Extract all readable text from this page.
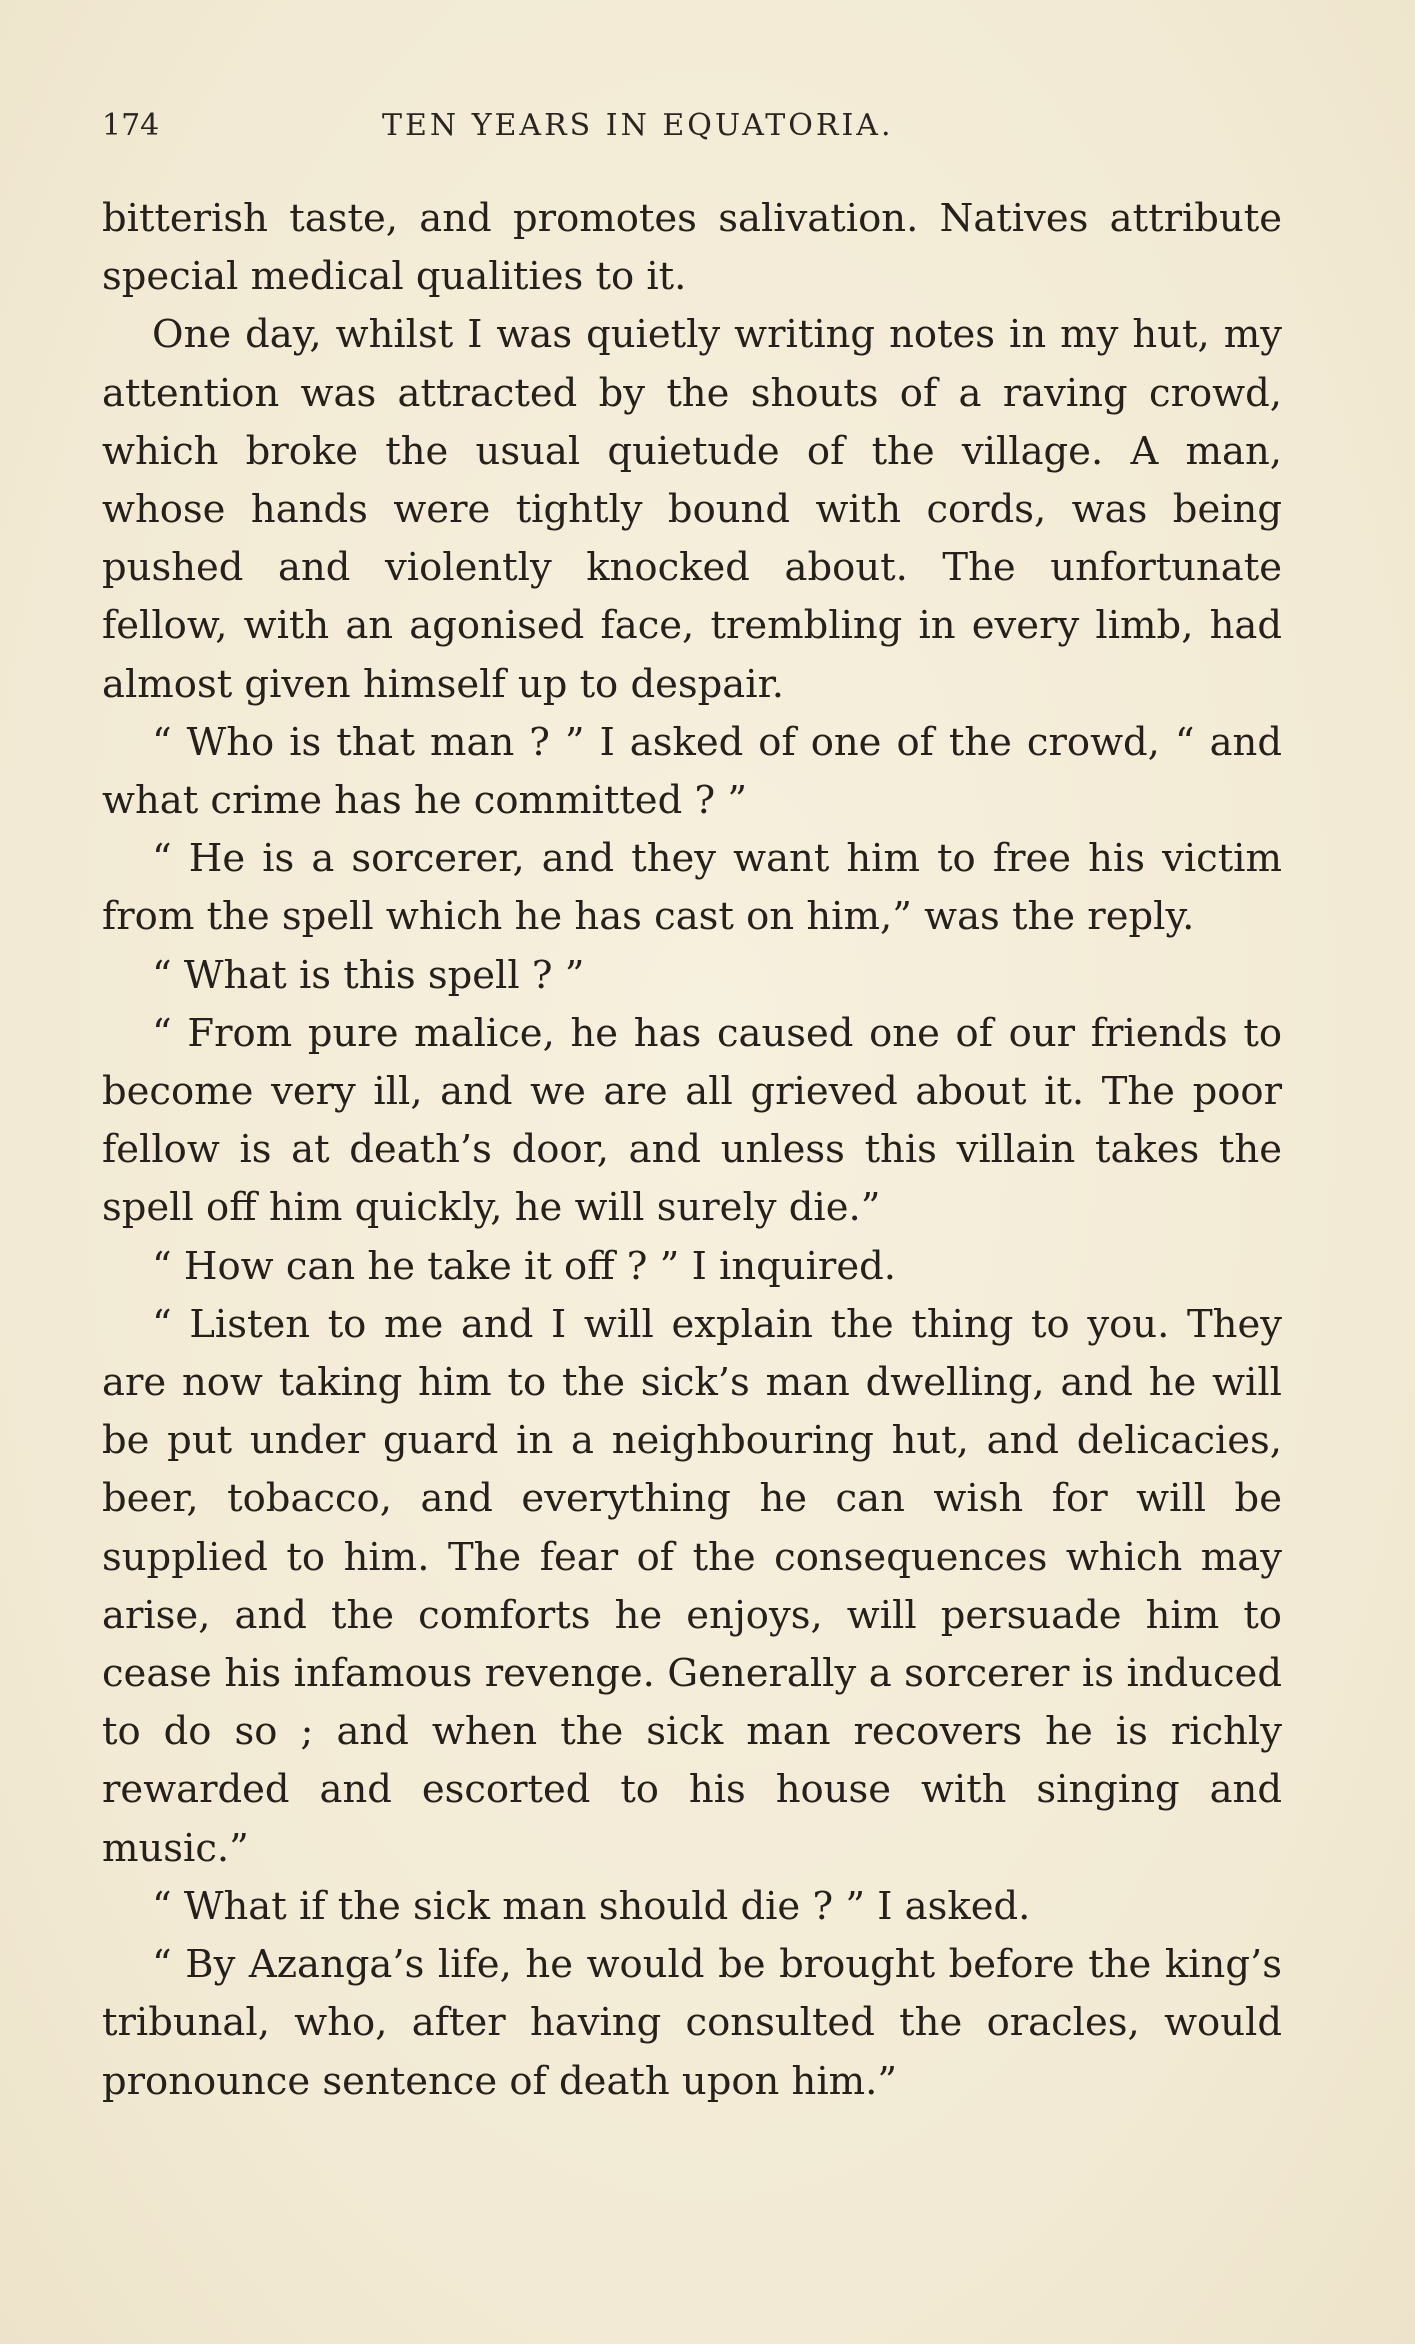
174	TEN YEARS IN EQUATORIA.

bitterish taste, and promotes salivation. Natives attribute special medical qualities to it.

One day, whilst I was quietly writing notes in my hut, my attention was attracted by the shouts of a raving crowd, which broke the usual quietude of the village. A man, whose hands were tightly bound with cords, was being pushed and violently knocked about. The unfortunate fellow, with an agonised face, trembling in every limb, had almost given himself up to despair.

“ Who is that man ? ” I asked of one of the crowd, “ and what crime has he committed ? ”

“ He is a sorcerer, and they want him to free his victim from the spell which he has cast on him,” was the reply.

“ What is this spell ? ”

“ From pure malice, he has caused one of our friends to become very ill, and we are all grieved about it. The poor fellow is at death’s door, and unless this villain takes the spell off him quickly, he will surely die.”

“ How can he take it off ? ” I inquired.

“ Listen to me and I will explain the thing to you. They are now taking him to the sick’s man dwelling, and he will be put under guard in a neighbouring hut, and delicacies, beer, tobacco, and everything he can wish for will be supplied to him. The fear of the consequences which may arise, and the comforts he enjoys, will persuade him to cease his infamous revenge. Generally a sorcerer is induced to do so ; and when the sick man recovers he is richly rewarded and escorted to his house with singing and music.”

“ What if the sick man should die ? ” I asked.

“ By Azanga’s life, he would be brought before the king’s tribunal, who, after having consulted the oracles, would pronounce sentence of death upon him.”
